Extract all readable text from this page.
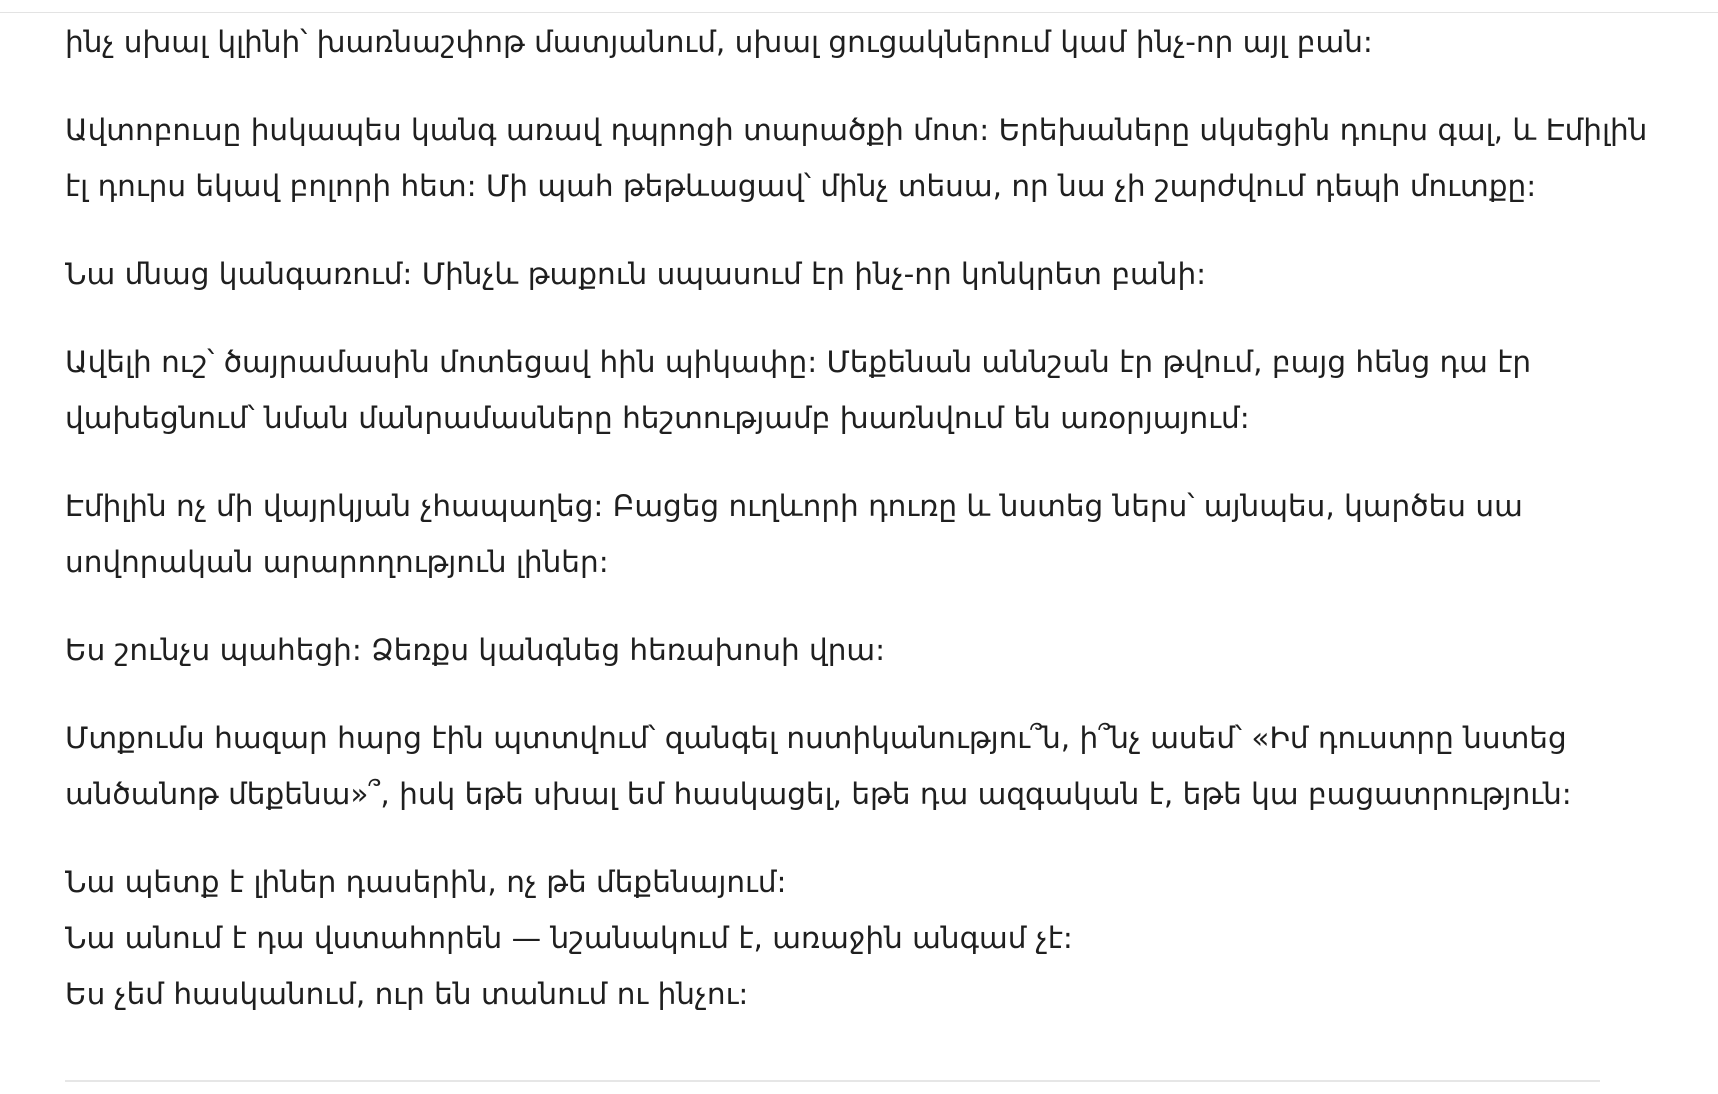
ինչ սխալ կլինի՝ խառնաշփոթ մատյանում, սխալ ցուցակներում կամ ինչ-որ այլ բան:

Ավտոբուսը իսկապես կանգ առավ դպրոցի տարածքի մոտ: Երեխաները սկսեցին դուրս գալ, և Էմիլին
էլ դուրս եկավ բոլորի հետ: Մի պահ թեթևացավ՝ մինչ տեսա, որ նա չի շարժվում դեպի մուտքը:

Նա մնաց կանգառում: Մինչև թաքուն սպասում էր ինչ-որ կոնկրետ բանի:

Ավելի ուշ՝ ծայրամասին մոտեցավ հին պիկափը: Մեքենան աննշան էր թվում, բայց հենց դա էր
վախեցնում՝ նման մանրամասները հեշտությամբ խառնվում են առօրյայում:

Էմիլին ոչ մի վայրկյան չհապաղեց: Բացեց ուղևորի դուռը և նստեց ներս՝ այնպես, կարծես սա
սովորական արարողություն լիներ:

Ես շունչս պահեցի: Ձեռքս կանգնեց հեռախոսի վրա:

Մտքումս հազար հարց էին պտտվում՝ զանգել ոստիկանությու՞ն, ի՞նչ ասեմ՝ «Իմ դուստրը նստեց
անծանոթ մեքենա»՞, իսկ եթե սխալ եմ հասկացել, եթե դա ազգական է, եթե կա բացատրություն:

Նա պետք է լիներ դասերին, ոչ թե մեքենայում:
Նա անում է դա վստահորեն — նշանակում է, առաջին անգամ չէ:
Ես չեմ հասկանում, ուր են տանում ու ինչու:
